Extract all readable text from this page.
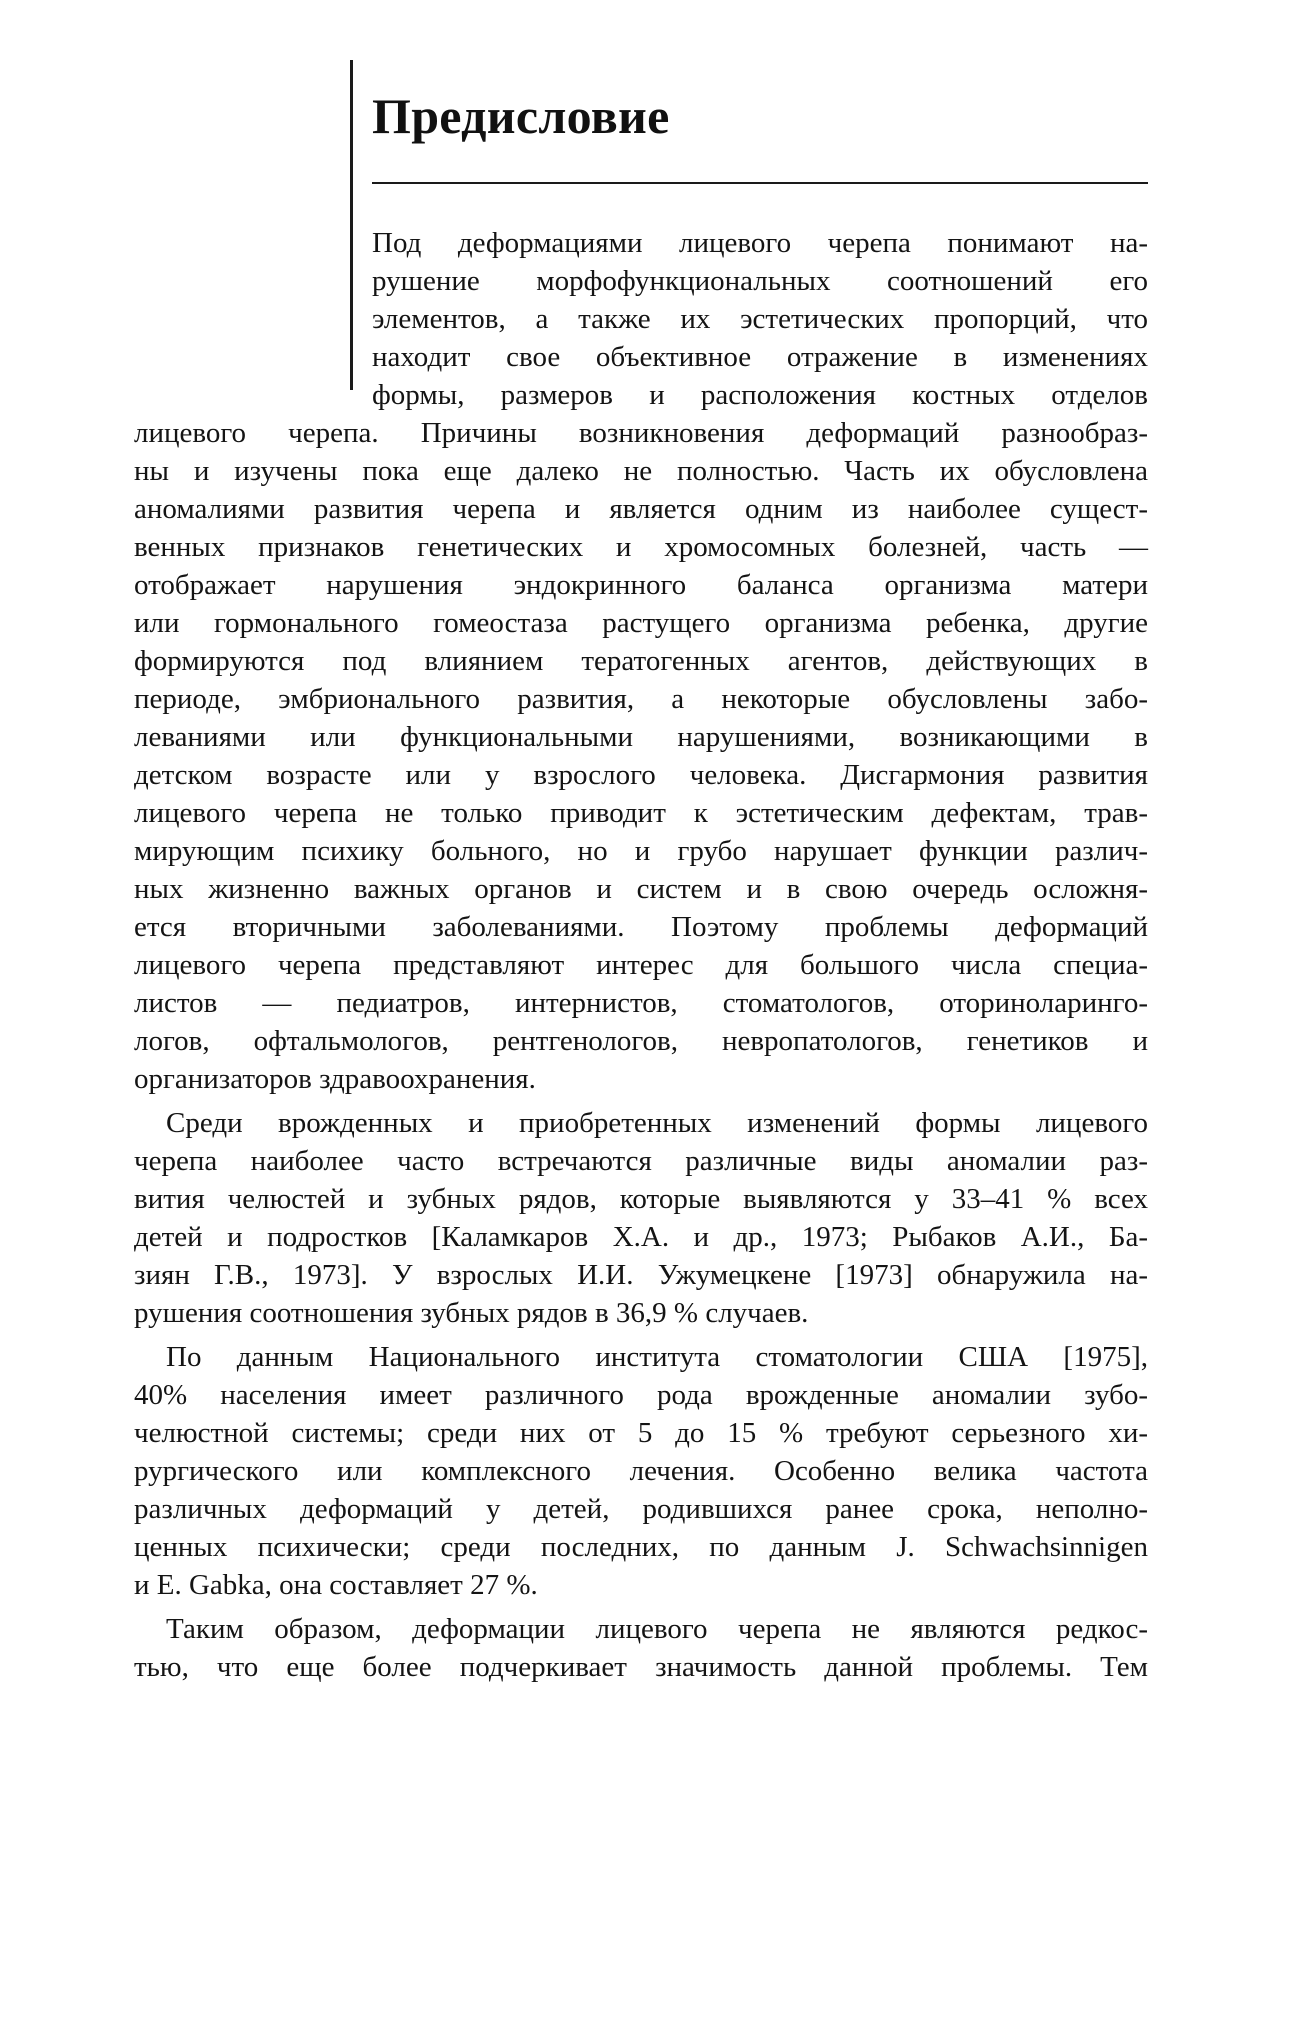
Предисловие
Под деформациями лицевого черепа понимают на-
рушение морфофункциональных соотношений его
элементов, а также их эстетических пропорций, что
находит свое объективное отражение в изменениях
формы, размеров и расположения костных отделов
лицевого черепа. Причины возникновения деформаций разнообраз-
ны и изучены пока еще далеко не полностью. Часть их обусловлена
аномалиями развития черепа и является одним из наиболее сущест-
венных признаков генетических и хромосомных болезней, часть —
отображает нарушения эндокринного баланса организма матери
или гормонального гомеостаза растущего организма ребенка, другие
формируются под влиянием тератогенных агентов, действующих в
периоде, эмбрионального развития, а некоторые обусловлены забо-
леваниями или функциональными нарушениями, возникающими в
детском возрасте или у взрослого человека. Дисгармония развития
лицевого черепа не только приводит к эстетическим дефектам, трав-
мирующим психику больного, но и грубо нарушает функции различ-
ных жизненно важных органов и систем и в свою очередь осложня-
ется вторичными заболеваниями. Поэтому проблемы деформаций
лицевого черепа представляют интерес для большого числа специа-
листов — педиатров, интернистов, стоматологов, оториноларинго-
логов, офтальмологов, рентгенологов, невропатологов, генетиков и
организаторов здравоохранения.
Среди врожденных и приобретенных изменений формы лицевого
черепа наиболее часто встречаются различные виды аномалии раз-
вития челюстей и зубных рядов, которые выявляются у 33–41 % всех
детей и подростков [Каламкаров Х.А. и др., 1973; Рыбаков А.И., Ба-
зиян Г.В., 1973]. У взрослых И.И. Ужумецкене [1973] обнаружила на-
рушения соотношения зубных рядов в 36,9 % случаев.
По данным Национального института стоматологии США [1975],
40% населения имеет различного рода врожденные аномалии зубо-
челюстной системы; среди них от 5 до 15 % требуют серьезного хи-
рургического или комплексного лечения. Особенно велика частота
различных деформаций у детей, родившихся ранее срока, неполно-
ценных психически; среди последних, по данным J. Schwachsinnigen
и E. Gabka, она составляет 27 %.
Таким образом, деформации лицевого черепа не являются редкос-
тью, что еще более подчеркивает значимость данной проблемы. Тем
